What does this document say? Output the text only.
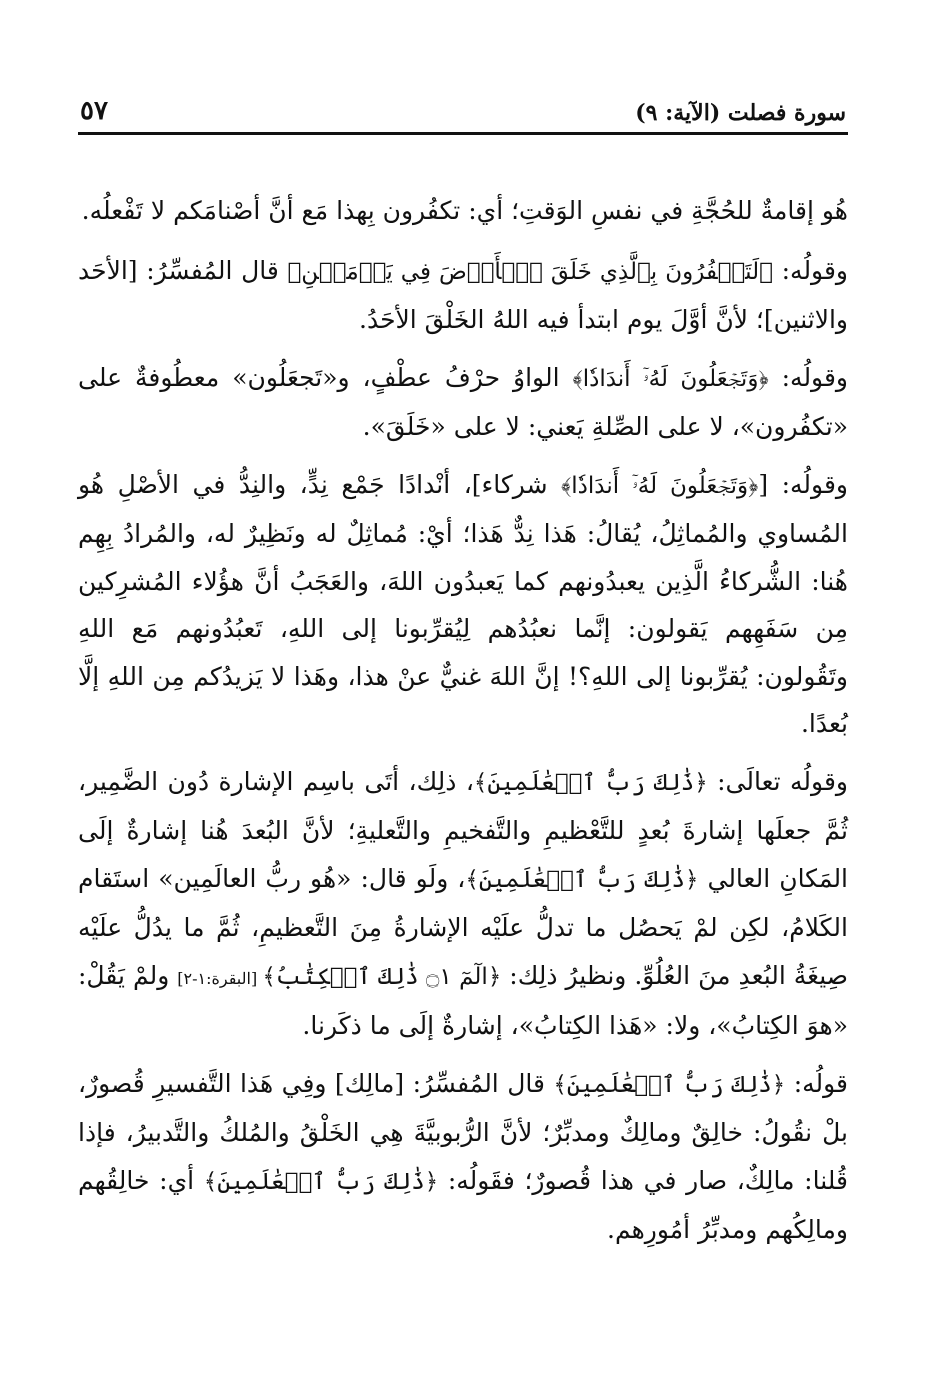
سورة فصلت (الآية: ٩)
٥٧

هُو إقامةٌ للحُجَّةِ في نفسِ الوَقتِ؛ أي: تكفُرون بِهذا مَع أنَّ أصْنامَكم لا تَفْعلُه.

وقولُه: ﴿لَتَكۡفُرُونَ بِٱلَّذِي خَلَقَ ٱلۡأَرۡضَ فِي يَوۡمَيۡنِ﴾ قال المُفسِّرُ: [الأحَد والاثنين]؛ لأنَّ أوَّلَ يوم ابتدأ فيه اللهُ الخَلْقَ الأحَدُ.

وقولُه: ﴿وَتَجۡعَلُونَ لَهُۥٓ أَندَادٗا﴾ الواوُ حرْفُ عطْفٍ، و«تَجعَلُون» معطُوفةٌ على «تكفُرون»، لا على الصِّلةِ يَعني: لا على «خَلَقَ».

وقولُه: [﴿وَتَجۡعَلُونَ لَهُۥٓ أَندَادٗا﴾ شركاء]، أنْدادًا جَمْع نِدٍّ، والنِدُّ في الأصْلِ هُو المُساوي والمُماثِلُ، يُقالُ: هَذا نِدٌّ هَذا؛ أيْ: مُماثِلٌ له ونَظِيرٌ له، والمُرادُ بِهِم هُنا: الشُّركاءُ الَّذِين يعبدُونهم كما يَعبدُون اللهَ، والعَجَبُ أنَّ هؤُلاء المُشرِكين مِن سَفَهِهم يَقولون: إنَّما نعبُدُهم لِيُقرِّبونا إلى اللهِ، تَعبُدُونهم مَع اللهِ وتَقُولون: يُقرِّبونا إلى اللهِ؟! إنَّ اللهَ غنيٌّ عنْ هذا، وهَذا لا يَزيدُكم مِن اللهِ إلَّا بُعدًا.

وقولُه تعالَى: ﴿ذَٰلِكَ رَبُّ ٱلۡعَٰلَمِينَ﴾، ذلِك، أتَى باسِم الإشارة دُون الضَّمِير، ثُمَّ جعلَها إشارةَ بُعدٍ للتَّعْظيمِ والتَّفخيمِ والتَّعليةِ؛ لأنَّ البُعدَ هُنا إشارةٌ إلَى المَكانِ العالي ﴿ذَٰلِكَ رَبُّ ٱلۡعَٰلَمِينَ﴾، ولَو قال: «هُو ربُّ العالَمِين» استَقام الكَلامُ، لكِن لمْ يَحصُل ما تدلُّ علَيْه الإشارةُ مِنَ التَّعظيمِ، ثُمَّ ما يدُلُّ علَيْه صِيغَةُ البُعدِ منَ العُلُوِّ. ونظيرُ ذلِك: ﴿الٓمٓ ۝١ ذَٰلِكَ ٱلۡكِتَٰبُ﴾ [البقرة:١-٢] ولمْ يَقُلْ: «هوَ الكِتابُ»، ولا: «هَذا الكِتابُ»، إشارةٌ إلَى ما ذكَرنا.

قولُه: ﴿ذَٰلِكَ رَبُّ ٱلۡعَٰلَمِينَ﴾ قال المُفسِّرُ: [مالِك] وفِي هَذا التَّفسيرِ قُصورٌ، بلْ نقُولُ: خالِقٌ ومالِكٌ ومدبِّرٌ؛ لأنَّ الرُّبوبيَّةَ هِي الخَلْقُ والمُلكُ والتَّدبيرُ، فإذا قُلنا: مالِكٌ، صار في هذا قُصورٌ؛ فقَولُه: ﴿ذَٰلِكَ رَبُّ ٱلۡعَٰلَمِينَ﴾ أي: خالِقُهم ومالِكُهم ومدبِّرُ أمُورِهم.
